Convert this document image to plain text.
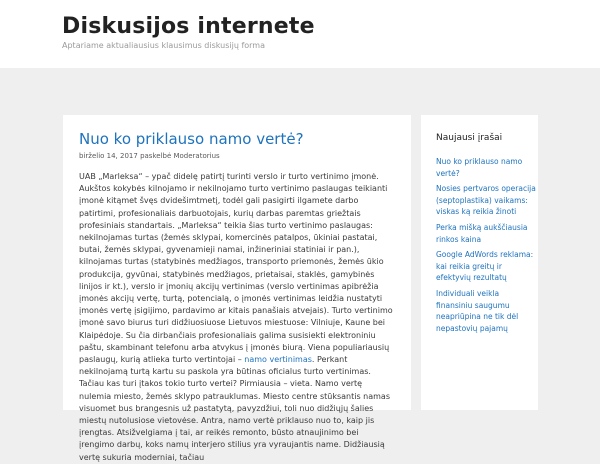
Diskusijos internete
Aptariame aktualiausius klausimus diskusijų forma
Nuo ko priklauso namo vertė?
birželio 14, 2017 paskelbė Moderatorius
UAB „Marleksa“ – ypač didelę patirtį turinti verslo ir turto vertinimo įmonė. Aukštos kokybės kilnojamo ir nekilnojamo turto vertinimo paslaugas teikianti įmonė kitąmet švęs dvidešimtmetį, todėl gali pasigirti ilgamete darbo patirtimi, profesionaliais darbuotojais, kurių darbas paremtas griežtais profesiniais standartais. „Marleksa“ teikia šias turto vertinimo paslaugas: nekilnojamas turtas (žemės sklypai, komercinės patalpos, ūkiniai pastatai, butai, žemės sklypai, gyvenamieji namai, inžineriniai statiniai ir pan.), kilnojamas turtas (statybinės medžiagos, transporto priemonės, žemės ūkio produkcija, gyvūnai, statybinės medžiagos, prietaisai, staklės, gamybinės linijos ir kt.), verslo ir įmonių akcijų vertinimas (verslo vertinimas apibrėžia įmonės akcijų vertę, turtą, potencialą, o įmonės vertinimas leidžia nustatyti įmonės vertę įsigijimo, pardavimo ar kitais panašiais atvejais). Turto vertinimo įmonė savo biurus turi didžiuosiuose Lietuvos miestuose: Vilniuje, Kaune bei Klaipėdoje. Su čia dirbančiais profesionaliais galima susisiekti elektroniniu paštu, skambinant telefonu arba atvykus į įmonės biurą. Viena populiariausių paslaugų, kurią atlieka turto vertintojai – namo vertinimas. Perkant nekilnojamą turtą kartu su paskola yra būtinas oficialus turto vertinimas. Tačiau kas turi įtakos tokio turto vertei? Pirmiausia – vieta. Namo vertę nulemia miesto, žemės sklypo patrauklumas. Miesto centre stūksantis namas visuomet bus brangesnis už pastatytą, pavyzdžiui, toli nuo didžiųjų šalies miestų nutolusiose vietovėse. Antra, namo vertė priklauso nuo to, kaip jis įrengtas. Atsižvelgiama į tai, ar reikės remonto, būsto atnaujinimo bei įrengimo darbų, koks namų interjero stilius yra vyraujantis name. Didžiausią vertę sukuria moderniai, tačiau
Naujausi įrašai
Nuo ko priklauso namo vertė?
Nosies pertvaros operacija (septoplastika) vaikams: viskas ką reikia žinoti
Perka mišką aukščiausia rinkos kaina
Google AdWords reklama: kai reikia greitų ir efektyvių rezultatų
Individuali veikla finansiniu saugumu neapriūpina ne tik dėl nepastovių pajamų
